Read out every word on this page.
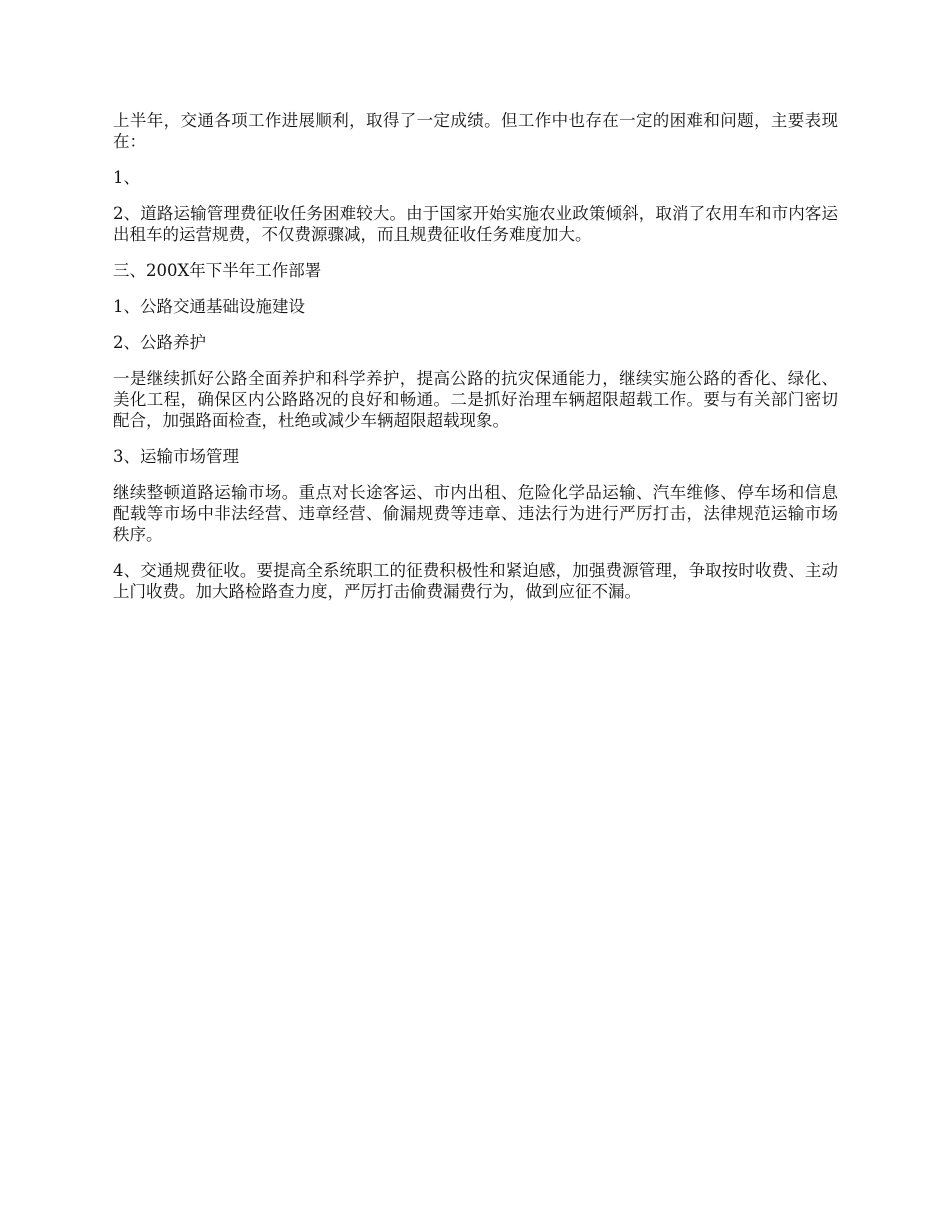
上半年，交通各项工作进展顺利，取得了一定成绩。但工作中也存在一定的困难和问题，主要表现在：

1、

2、道路运输管理费征收任务困难较大。由于国家开始实施农业政策倾斜，取消了农用车和市内客运出租车的运营规费，不仅费源骤减，而且规费征收任务难度加大。

三、200X年下半年工作部署

1、公路交通基础设施建设

2、公路养护

一是继续抓好公路全面养护和科学养护，提高公路的抗灾保通能力，继续实施公路的香化、绿化、美化工程，确保区内公路路况的良好和畅通。二是抓好治理车辆超限超载工作。要与有关部门密切配合，加强路面检查，杜绝或减少车辆超限超载现象。

3、运输市场管理

继续整顿道路运输市场。重点对长途客运、市内出租、危险化学品运输、汽车维修、停车场和信息配载等市场中非法经营、违章经营、偷漏规费等违章、违法行为进行严厉打击，法律规范运输市场秩序。

4、交通规费征收。要提高全系统职工的征费积极性和紧迫感，加强费源管理，争取按时收费、主动上门收费。加大路检路查力度，严厉打击偷费漏费行为，做到应征不漏。
